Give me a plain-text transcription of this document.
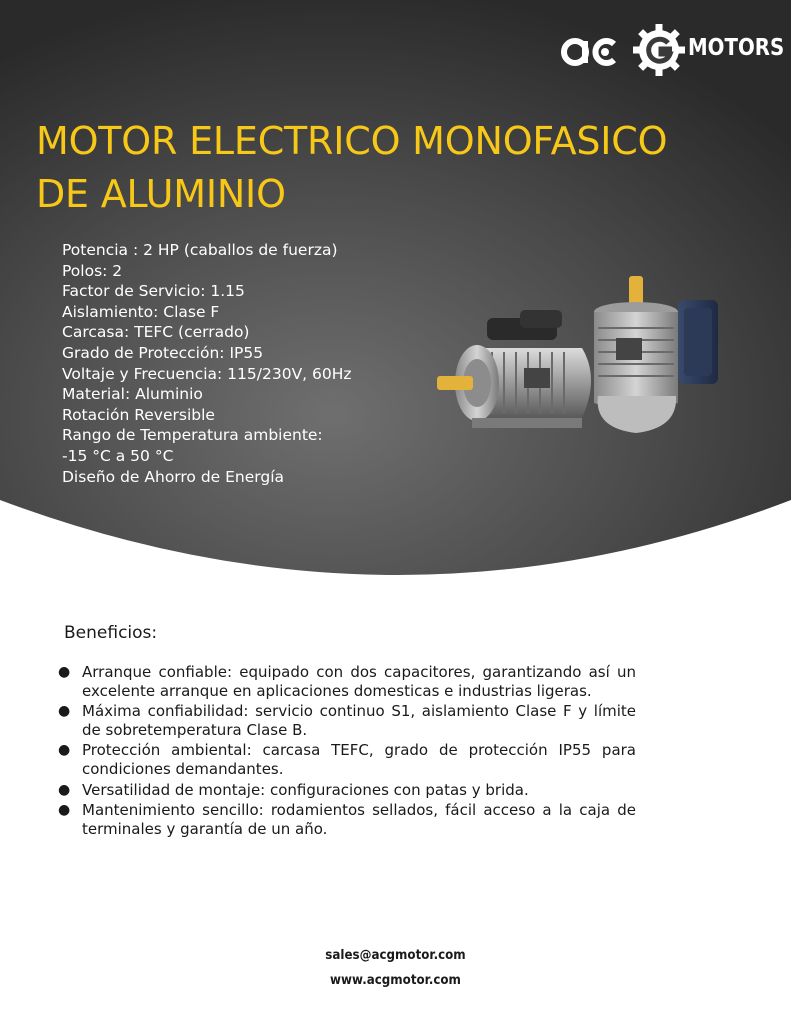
MOTORS
MOTOR ELECTRICO MONOFASICO
DE ALUMINIO
Potencia : 2 HP (caballos de fuerza)
Polos: 2
Factor de Servicio: 1.15
Aislamiento: Clase F
Carcasa: TEFC (cerrado)
Grado de Protección: IP55
Voltaje y Frecuencia: 115/230V, 60Hz
Material: Aluminio
Rotación Reversible
Rango de Temperatura ambiente:
-15 °C a 50 °C
Diseño de Ahorro de Energía
Beneficios:
● Arranque confiable: equipado con dos capacitores, garantizando así un excelente arranque en aplicaciones domesticas e industrias ligeras.
● Máxima confiabilidad: servicio continuo S1, aislamiento Clase F y límite de sobretemperatura Clase B.
● Protección ambiental: carcasa TEFC, grado de protección IP55 para condiciones demandantes.
● Versatilidad de montaje: configuraciones con patas y brida.
● Mantenimiento sencillo: rodamientos sellados, fácil acceso a la caja de terminales y garantía de un año.
sales@acgmotor.com
www.acgmotor.com
